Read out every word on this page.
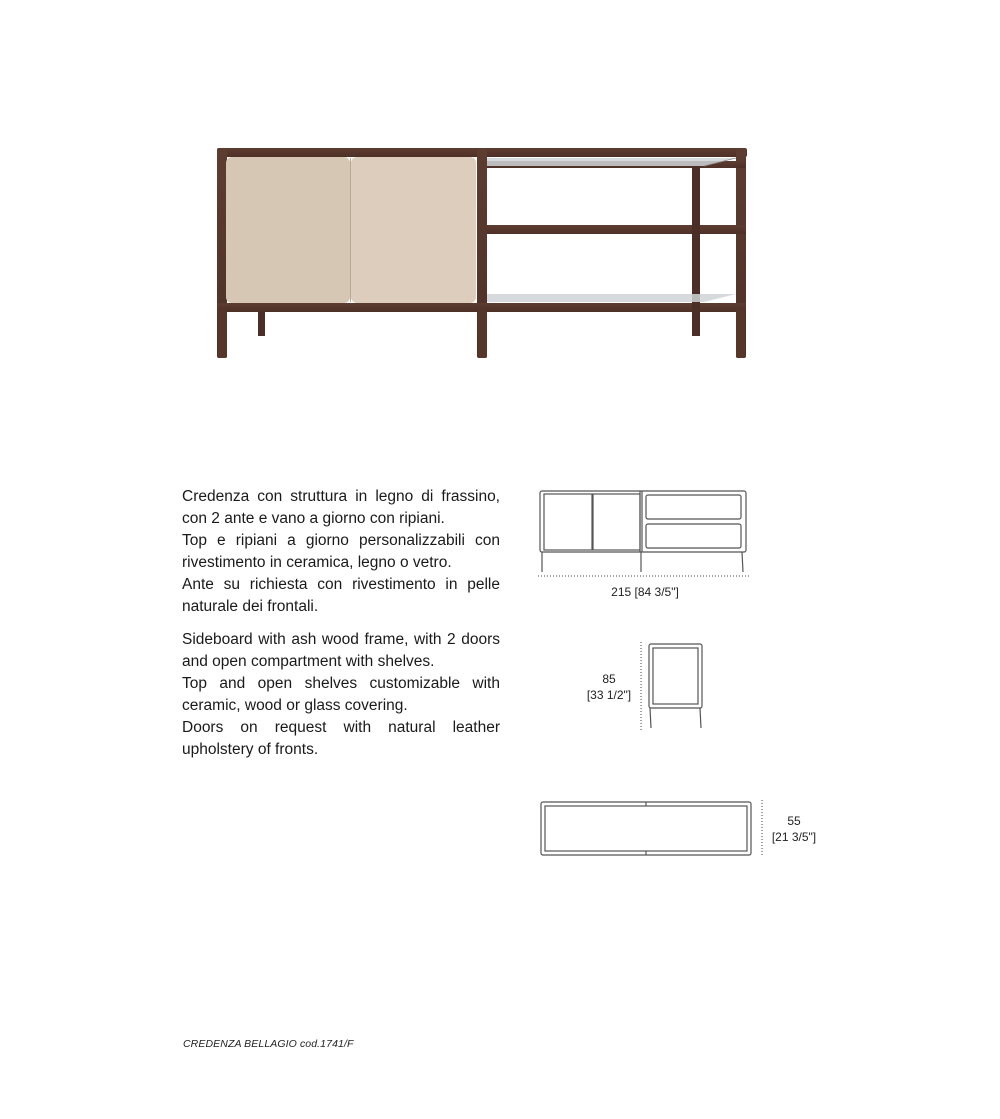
Credenza con struttura in legno di frassino, con 2 ante e vano a giorno con ripiani.

Top e ripiani a giorno personalizzabili con rivestimento in ceramica, legno o vetro.

Ante su richiesta con rivestimento in pelle naturale dei frontali.

Sideboard with ash wood frame, with 2 doors and open compartment with shelves.

Top and open shelves customizable with ceramic, wood or glass covering.

Doors on request with natural leather upholstery of fronts.

215 [84 3/5"]
85
[33 1/2"]
55
[21 3/5"]
CREDENZA BELLAGIO cod.1741/F
